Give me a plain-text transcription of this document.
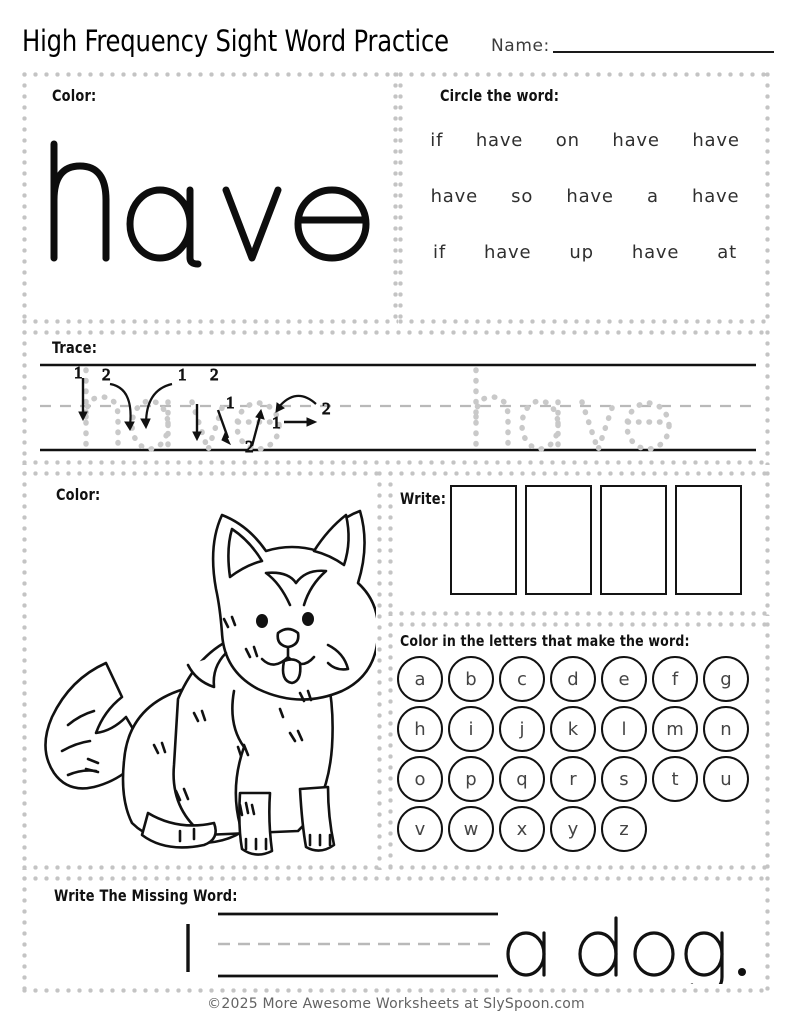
High Frequency Sight Word Practice Name:
Color:	Circle the word:
if have on have have
have so have a have
if have up have at
Trace:
1 2	1 2
1
2
1
2
Color:	Write:
Color in the letters that make the word:
a	b	c	d	e	f	g
h	i	j	k	l	m	n
o	p	q	r	s	t	u
v	w	x	y	z
Write The Missing Word:
©2025 More Awesome Worksheets at SlySpoon.com
